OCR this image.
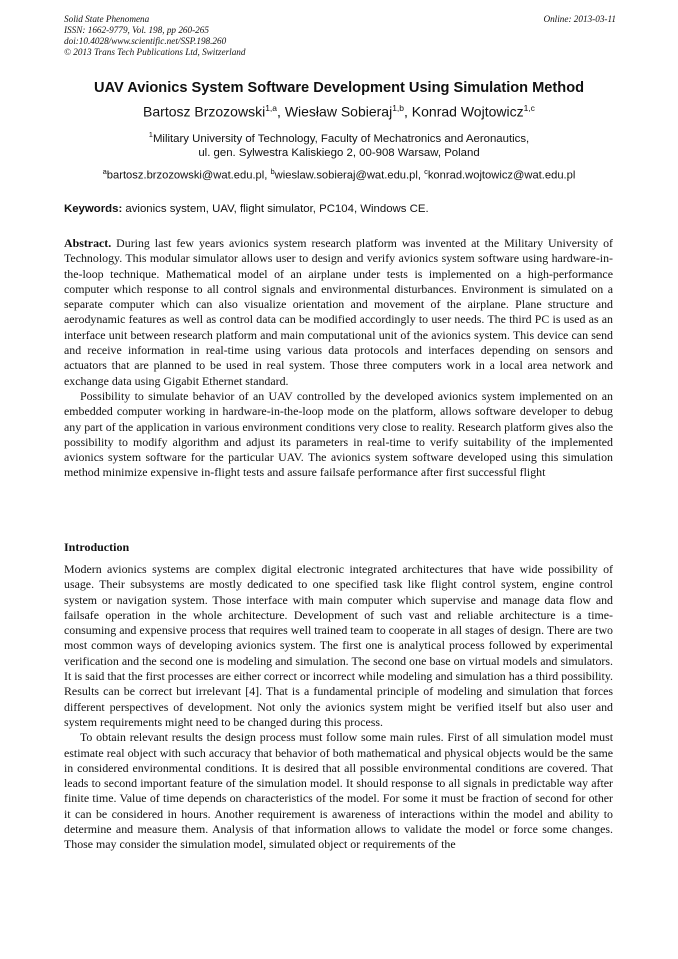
Solid State Phenomena
ISSN: 1662-9779, Vol. 198, pp 260-265
doi:10.4028/www.scientific.net/SSP.198.260
© 2013 Trans Tech Publications Ltd, Switzerland
Online: 2013-03-11
UAV Avionics System Software Development Using Simulation Method
Bartosz Brzozowski$^{1,a}$, Wiesław Sobieraj$^{1,b}$, Konrad Wojtowicz$^{1,c}$
$^1$Military University of Technology, Faculty of Mechatronics and Aeronautics,
ul. gen. Sylwestra Kaliskiego 2, 00-908 Warsaw, Poland
$^a$bartosz.brzozowski@wat.edu.pl, $^b$wieslaw.sobieraj@wat.edu.pl, $^c$konrad.wojtowicz@wat.edu.pl
Keywords: avionics system, UAV, flight simulator, PC104, Windows CE.

Abstract. During last few years avionics system research platform was invented at the Military University of Technology. This modular simulator allows user to design and verify avionics system software using hardware-in-the-loop technique. Mathematical model of an airplane under tests is implemented on a high-performance computer which response to all control signals and environmental disturbances. Environment is simulated on a separate computer which can also visualize orientation and movement of the airplane. Plane structure and aerodynamic features as well as control data can be modified accordingly to user needs. The third PC is used as an interface unit between research platform and main computational unit of the avionics system. This device can send and receive information in real-time using various data protocols and interfaces depending on sensors and actuators that are planned to be used in real system. Those three computers work in a local area network and exchange data using Gigabit Ethernet standard.

Possibility to simulate behavior of an UAV controlled by the developed avionics system implemented on an embedded computer working in hardware-in-the-loop mode on the platform, allows software developer to debug any part of the application in various environment conditions very close to reality. Research platform gives also the possibility to modify algorithm and adjust its parameters in real-time to verify suitability of the implemented avionics system software for the particular UAV. The avionics system software developed using this simulation method minimize expensive in-flight tests and assure failsafe performance after first successful flight

Introduction

Modern avionics systems are complex digital electronic integrated architectures that have wide possibility of usage. Their subsystems are mostly dedicated to one specified task like flight control system, engine control system or navigation system. Those interface with main computer which supervise and manage data flow and failsafe operation in the whole architecture. Development of such vast and reliable architecture is a time-consuming and expensive process that requires well trained team to cooperate in all stages of design. There are two most common ways of developing avionics system. The first one is analytical process followed by experimental verification and the second one is modeling and simulation. The second one base on virtual models and simulators. It is said that the first processes are either correct or incorrect while modeling and simulation has a third possibility. Results can be correct but irrelevant [4]. That is a fundamental principle of modeling and simulation that forces different perspectives of development. Not only the avionics system might be verified itself but also user and system requirements might need to be changed during this process.

To obtain relevant results the design process must follow some main rules. First of all simulation model must estimate real object with such accuracy that behavior of both mathematical and physical objects would be the same in considered environmental conditions. It is desired that all possible environmental conditions are covered. That leads to second important feature of the simulation model. It should response to all signals in predictable way after finite time. Value of time depends on characteristics of the model. For some it must be fraction of second for other it can be considered in hours. Another requirement is awareness of interactions within the model and ability to determine and measure them. Analysis of that information allows to validate the model or force some changes. Those may consider the simulation model, simulated object or requirements of the
